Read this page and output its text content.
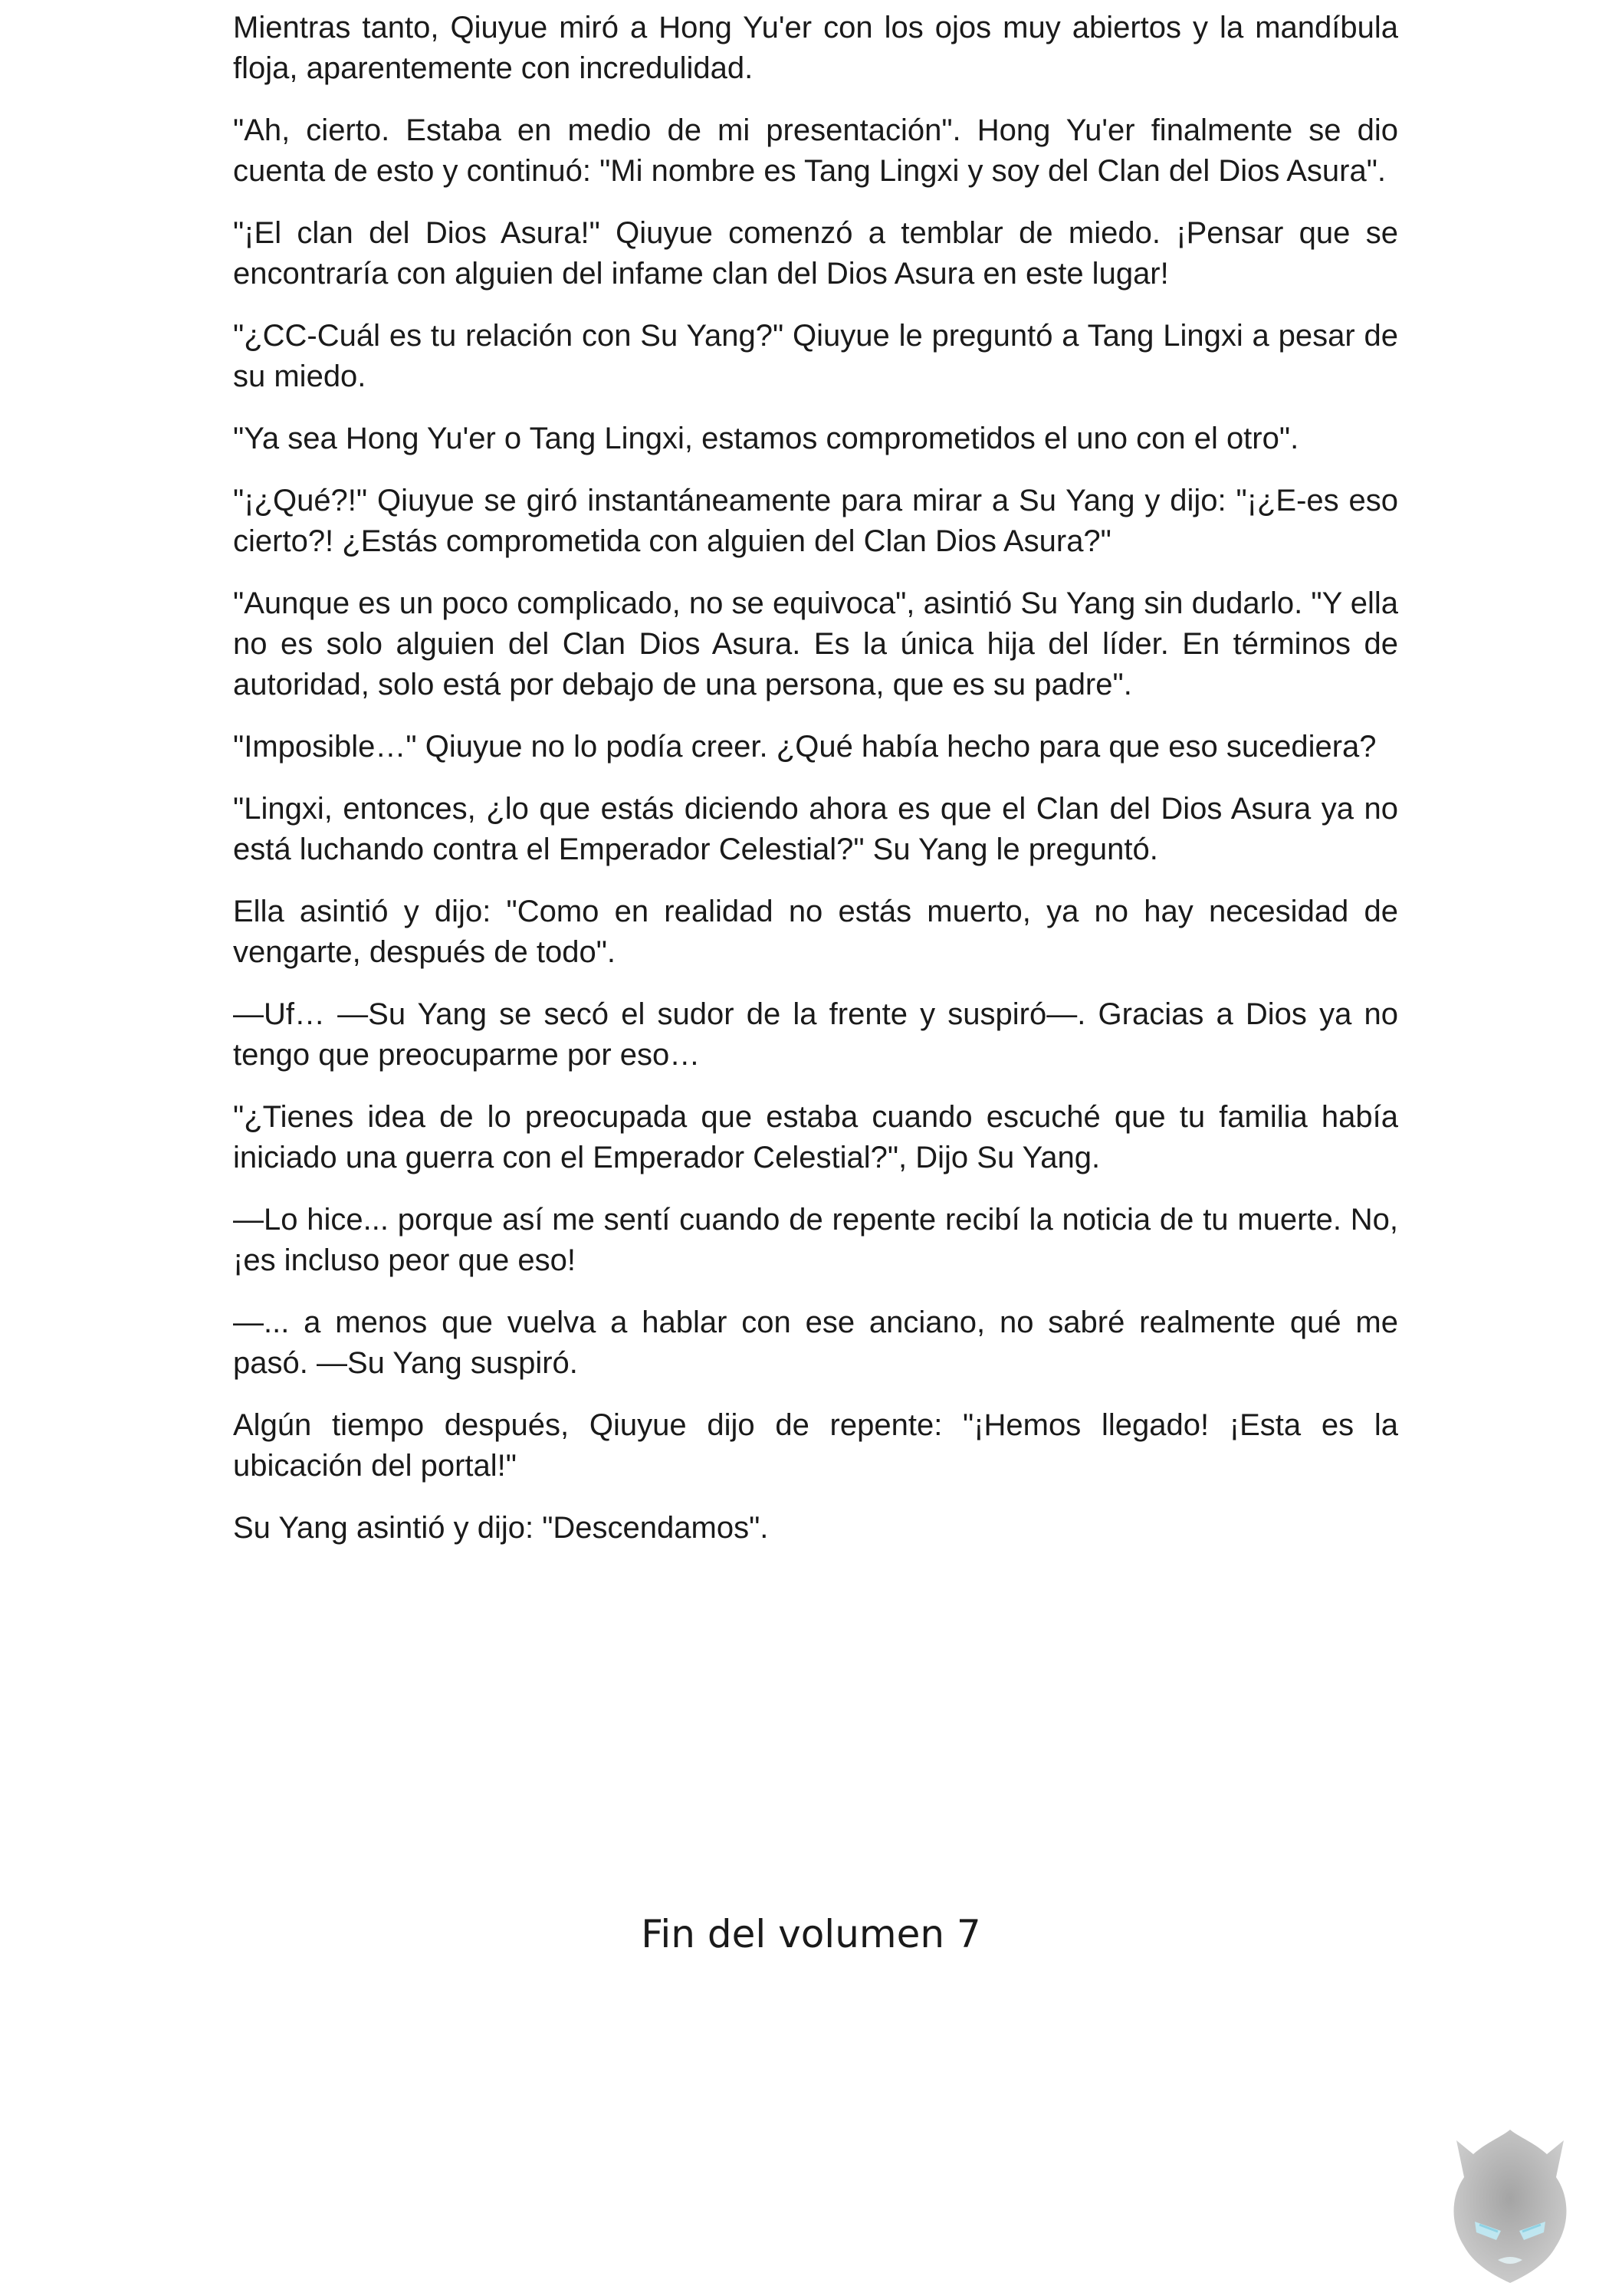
Mientras tanto, Qiuyue miró a Hong Yu'er con los ojos muy abiertos y la mandíbula floja, aparentemente con incredulidad.

"Ah, cierto. Estaba en medio de mi presentación". Hong Yu'er finalmente se dio cuenta de esto y continuó: "Mi nombre es Tang Lingxi y soy del Clan del Dios Asura".

"¡El clan del Dios Asura!" Qiuyue comenzó a temblar de miedo. ¡Pensar que se encontraría con alguien del infame clan del Dios Asura en este lugar!

"¿CC-Cuál es tu relación con Su Yang?" Qiuyue le preguntó a Tang Lingxi a pesar de su miedo.

"Ya sea Hong Yu'er o Tang Lingxi, estamos comprometidos el uno con el otro".

"¡¿Qué?!" Qiuyue se giró instantáneamente para mirar a Su Yang y dijo: "¡¿E-es eso cierto?! ¿Estás comprometida con alguien del Clan Dios Asura?"

"Aunque es un poco complicado, no se equivoca", asintió Su Yang sin dudarlo. "Y ella no es solo alguien del Clan Dios Asura. Es la única hija del líder. En términos de autoridad, solo está por debajo de una persona, que es su padre".

"Imposible…" Qiuyue no lo podía creer. ¿Qué había hecho para que eso sucediera?

"Lingxi, entonces, ¿lo que estás diciendo ahora es que el Clan del Dios Asura ya no está luchando contra el Emperador Celestial?" Su Yang le preguntó.

Ella asintió y dijo: "Como en realidad no estás muerto, ya no hay necesidad de vengarte, después de todo".

—Uf… —Su Yang se secó el sudor de la frente y suspiró—. Gracias a Dios ya no tengo que preocuparme por eso…

"¿Tienes idea de lo preocupada que estaba cuando escuché que tu familia había iniciado una guerra con el Emperador Celestial?", Dijo Su Yang.

—Lo hice... porque así me sentí cuando de repente recibí la noticia de tu muerte. No, ¡es incluso peor que eso!

—... a menos que vuelva a hablar con ese anciano, no sabré realmente qué me pasó. —Su Yang suspiró.

Algún tiempo después, Qiuyue dijo de repente: "¡Hemos llegado! ¡Esta es la ubicación del portal!"

Su Yang asintió y dijo: "Descendamos".

Fin del volumen 7
